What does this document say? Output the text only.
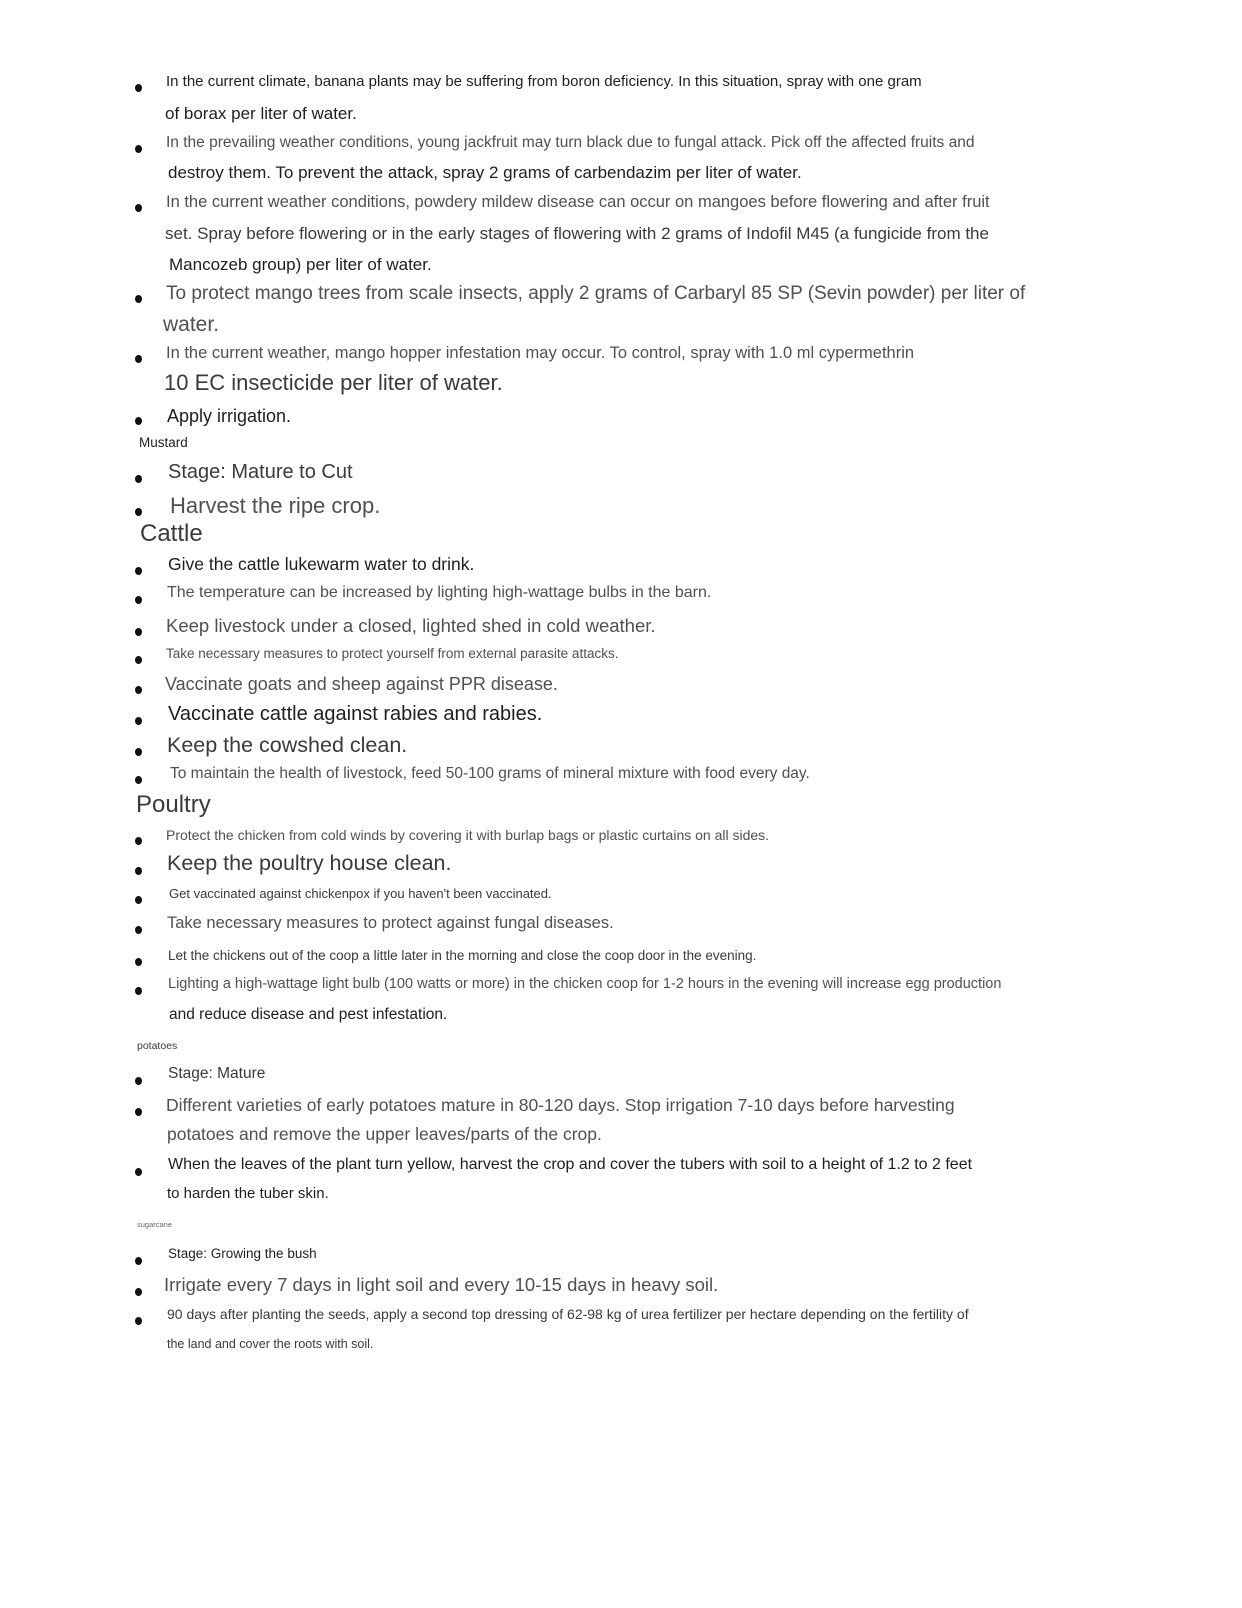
In the current climate, banana plants may be suffering from boron deficiency. In this situation, spray with one gram
of borax per liter of water.
In the prevailing weather conditions, young jackfruit may turn black due to fungal attack. Pick off the affected fruits and
destroy them. To prevent the attack, spray 2 grams of carbendazim per liter of water.
In the current weather conditions, powdery mildew disease can occur on mangoes before flowering and after fruit
set. Spray before flowering or in the early stages of flowering with 2 grams of Indofil M45 (a fungicide from the
Mancozeb group) per liter of water.
To protect mango trees from scale insects, apply 2 grams of Carbaryl 85 SP (Sevin powder) per liter of
water.
In the current weather, mango hopper infestation may occur. To control, spray with 1.0 ml cypermethrin
10 EC insecticide per liter of water.
Apply irrigation.
Mustard
Stage: Mature to Cut
Harvest the ripe crop.
Cattle
Give the cattle lukewarm water to drink.
The temperature can be increased by lighting high-wattage bulbs in the barn.
Keep livestock under a closed, lighted shed in cold weather.
Take necessary measures to protect yourself from external parasite attacks.
Vaccinate goats and sheep against PPR disease.
Vaccinate cattle against rabies and rabies.
Keep the cowshed clean.
To maintain the health of livestock, feed 50-100 grams of mineral mixture with food every day.
Poultry
Protect the chicken from cold winds by covering it with burlap bags or plastic curtains on all sides.
Keep the poultry house clean.
Get vaccinated against chickenpox if you haven't been vaccinated.
Take necessary measures to protect against fungal diseases.
Let the chickens out of the coop a little later in the morning and close the coop door in the evening.
Lighting a high-wattage light bulb (100 watts or more) in the chicken coop for 1-2 hours in the evening will increase egg production
and reduce disease and pest infestation.
potatoes
Stage: Mature
Different varieties of early potatoes mature in 80-120 days. Stop irrigation 7-10 days before harvesting
potatoes and remove the upper leaves/parts of the crop.
When the leaves of the plant turn yellow, harvest the crop and cover the tubers with soil to a height of 1.2 to 2 feet
to harden the tuber skin.
sugarcane
Stage: Growing the bush
Irrigate every 7 days in light soil and every 10-15 days in heavy soil.
90 days after planting the seeds, apply a second top dressing of 62-98 kg of urea fertilizer per hectare depending on the fertility of
the land and cover the roots with soil.
